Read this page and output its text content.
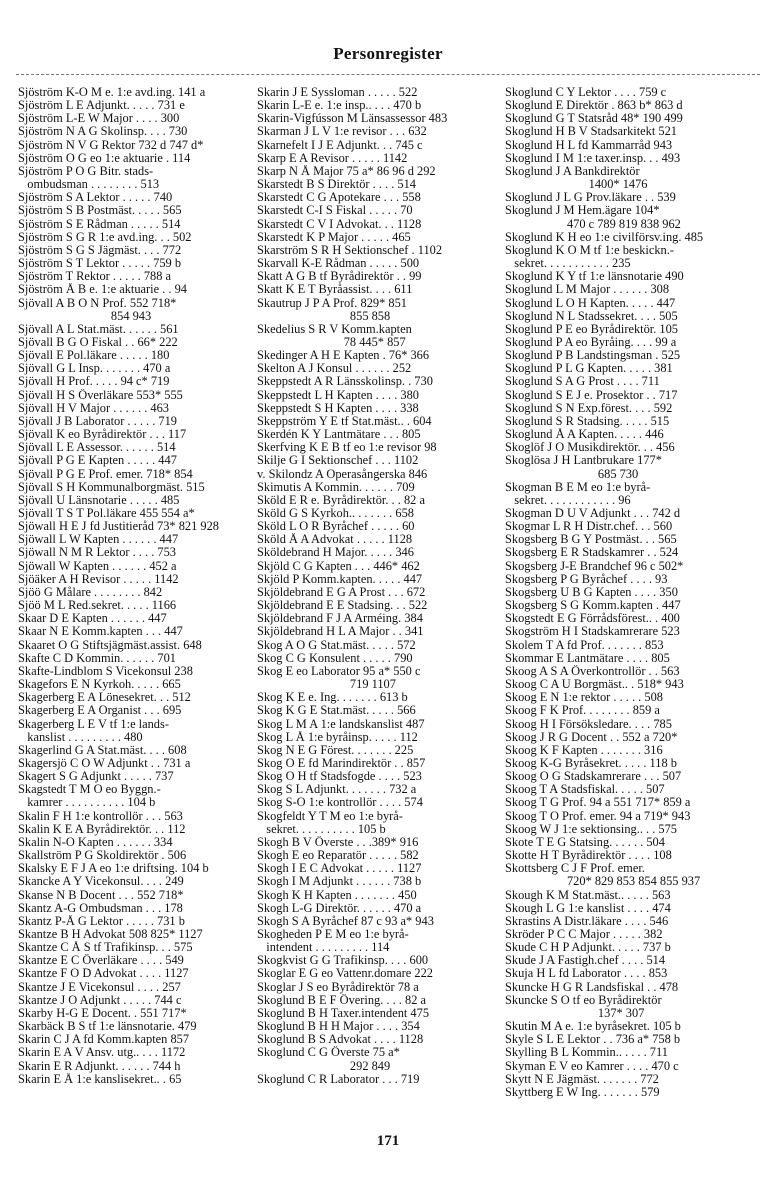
Personregister
Sjöström K-O M e. 1:e avd.ing. 141 a
Sjöström L E Adjunkt. . . . . 731 e
Sjöström L-E W Major . . . . 300
Sjöström N A G Skolinsp. . . . 730
Sjöström N V G Rektor 732 d 747 d*
Sjöström O G eo 1:e aktuarie . 114
Sjöström P O G Bitr. stads-
ombudsman . . . . . . . . 513
Sjöström S A Lektor . . . . . 740
Sjöström S B Postmäst. . . . . 565
Sjöström S E Rådman . . . . . 514
Sjöström S G R 1:e avd.ing. . . 502
Sjöström S G S Jägmäst. . . . 772
Sjöström S T Lektor . . . . . 759 b
Sjöström T Rektor . . . . . 788 a
Sjöström Å B e. 1:e aktuarie . . 94
Sjövall A B O N Prof. 552 718*
854 943
Sjövall A L Stat.mäst. . . . . . 561
Sjövall B G O Fiskal . . 66* 222
Sjövall E Pol.läkare . . . . . 180
Sjövall G L Insp. . . . . . . 470 a
Sjövall H Prof. . . . . 94 c* 719
Sjövall H S Överläkare 553* 555
Sjövall H V Major . . . . . . 463
Sjövall J B Laborator . . . . . 719
Sjövall K eo Byrådirektör . . . 117
Sjövall L E Assessor. . . . . . 514
Sjövall P G E Kapten . . . . . 447
Sjövall P G E Prof. emer. 718* 854
Sjövall S H Kommunalborgmäst. 515
Sjövall U Länsnotarie . . . . . 485
Sjövall T S T Pol.läkare 455 554 a*
Sjöwall H E J fd Justitieråd 73* 821 928
Sjöwall L W Kapten . . . . . . 447
Sjöwall N M R Lektor . . . . 753
Sjöwall W Kapten . . . . . . 452 a
Sjöäker A H Revisor . . . . . 1142
Sjöö G Målare . . . . . . . . 842
Sjöö M L Red.sekret. . . . . 1166
Skaar D E Kapten . . . . . . 447
Skaar N E Komm.kapten . . . 447
Skaaret O G Stiftsjägmäst.assist. 648
Skafte C D Kommin. . . . . . 701
Skafte-Lindblom S Vicekonsul 238
Skagefors E N Kyrkoh. . . . . 665
Skagerberg E A Lönesekret. . . 512
Skagerberg E A Organist . . . 695
Skagerberg L E V tf 1:e lands-
kanslist . . . . . . . . . 480
Skagerlind G A Stat.mäst. . . . 608
Skagersjö C O W Adjunkt . . 731 a
Skagert S G Adjunkt . . . . . 737
Skagstedt T M O eo Byggn.-
kamrer . . . . . . . . . . 104 b
Skalin F H 1:e kontrollör . . . 563
Skalin K E A Byrådirektör. . . 112
Skalin N-O Kapten . . . . . . 334
Skallström P G Skoldirektör . 506
Skalsky E F J A eo 1:e driftsing. 104 b
Skancke A Y Vicekonsul. . . . 249
Skanse N B Docent . . . 552 718*
Skantz A-G Ombudsman . . . 178
Skantz P-Å G Lektor . . . . . 731 b
Skantze B H Advokat 508 825* 1127
Skantze C Å S tf Trafikinsp. . . 575
Skantze E C Överläkare . . . . 549
Skantze F O D Advokat . . . . 1127
Skantze J E Vicekonsul . . . . 257
Skantze J O Adjunkt . . . . . 744 c
Skarby H-G E Docent. . 551 717*
Skarbäck B S tf 1:e länsnotarie. 479
Skarin C J A fd Komm.kapten 857
Skarin E A V Ansv. utg.. . . . 1172
Skarin E R Adjunkt. . . . . . 744 h
Skarin E Å 1:e kanslisekret.. . 65
Skarin J E Syssloman . . . . . 522
Skarin L-E e. 1:e insp.. . . . 470 b
Skarin-Vigfússon M Länsassessor 483
Skarman J L V 1:e revisor . . . 632
Skarnefelt I J E Adjunkt. . . 745 c
Skarp E A Revisor . . . . . 1142
Skarp N Å Major 75 a* 86 96 d 292
Skarstedt B S Direktör . . . . 514
Skarstedt C G Apotekare . . . 558
Skarstedt C-I S Fiskal . . . . . 70
Skarstedt C V I Advokat. . . 1128
Skarstedt K P Major . . . . . 465
Skarström S R H Sektionschef . 1102
Skarvall K-E Rådman . . . . . 500
Skatt A G B tf Byrådirektör . . 99
Skatt K E T Byråassist. . . . 611
Skautrup J P A Prof. 829* 851
855 858
Skedelius S R V Komm.kapten
78 445* 857
Skedinger A H E Kapten . 76* 366
Skelton A J Konsul . . . . . . 252
Skeppstedt A R Länsskolinsp. . 730
Skeppstedt L H Kapten . . . . 380
Skeppstedt S H Kapten . . . . 338
Skeppström Y E tf Stat.mäst.. . 604
Skerdén K Y Lantmätare . . . 805
Skerfving K E B tf eo 1:e revisor 98
Skilje G I Sektionschef . . . 1102
v. Skilondz A Operasångerska 846
Skimutis A Kommin. . . . . . 709
Sköld E R e. Byrådirektör. . . 82 a
Sköld G S Kyrkoh.. . . . . . . 658
Sköld L O R Byråchef . . . . . 60
Sköld Å A Advokat . . . . . 1128
Sköldebrand H Major. . . . . 346
Skjöld C G Kapten . . . 446* 462
Skjöld P Komm.kapten. . . . . 447
Skjöldebrand E G A Prost . . . 672
Skjöldebrand E E Stadsing. . . 522
Skjöldebrand F J A Arméing. 384
Skjöldebrand H L A Major . . 341
Skog A O G Stat.mäst. . . . . 572
Skog C G Konsulent . . . . . 790
Skog E eo Laborator 95 a* 550 c
719 1107
Skog K E e. Ing. . . . . . . 613 b
Skog K G E Stat.mäst. . . . . 566
Skog L M A 1:e landskanslist 487
Skog L Å 1:e byråinsp. . . . . 112
Skog N E G Förest. . . . . . . 225
Skog O E fd Marindirektör . . 857
Skog O H tf Stadsfogde . . . . 523
Skog S L Adjunkt. . . . . . . 732 a
Skog S-O 1:e kontrollör . . . . 574
Skogfeldt Y T M eo 1:e byrå-
sekret. . . . . . . . . . 105 b
Skogh B V Överste . . .389* 916
Skogh E eo Reparatör . . . . . 582
Skogh I E C Advokat . . . . . 1127
Skogh I M Adjunkt . . . . . . 738 b
Skogh K H Kapten . . . . . . . 450
Skogh L-G Direktör. . . . . . 470 a
Skogh S A Byråchef 87 c 93 a* 943
Skogheden P E M eo 1:e byrå-
intendent . . . . . . . . . 114
Skogkvist G G Trafikinsp. . . . 600
Skoglar E G eo Vattenr.domare 222
Skoglar J S eo Byrådirektör 78 a
Skoglund B E F Övering. . . . 82 a
Skoglund B H Taxer.intendent 475
Skoglund B H H Major . . . . 354
Skoglund B S Advokat . . . . 1128
Skoglund C G Överste 75 a*
292 849
Skoglund C R Laborator . . . 719
Skoglund C Y Lektor . . . . 759 c
Skoglund E Direktör . 863 b* 863 d
Skoglund G T Statsråd 48* 190 499
Skoglund H B V Stadsarkitekt 521
Skoglund H L fd Kammarråd 943
Skoglund I M 1:e taxer.insp. . . 493
Skoglund J A Bankdirektör
1400* 1476
Skoglund J L G Prov.läkare . . 539
Skoglund J M Hem.ägare 104*
470 c 789 819 838 962
Skoglund K H eo 1:e civilförsv.ing. 485
Skoglund K O M tf 1:e beskickn.-
sekret. . . . . . . . . . . 235
Skoglund K Y tf 1:e länsnotarie 490
Skoglund L M Major . . . . . . 308
Skoglund L O H Kapten. . . . . 447
Skoglund N L Stadssekret. . . . 505
Skoglund P E eo Byrådirektör. 105
Skoglund P A eo Byråing. . . . 99 a
Skoglund P B Landstingsman . 525
Skoglund P L G Kapten. . . . . 381
Skoglund S A G Prost . . . . 711
Skoglund S E J e. Prosektor . . 717
Skoglund S N Exp.förest. . . . 592
Skoglund S R Stadsing. . . . . 515
Skoglund Å A Kapten. . . . . 446
Skoglöf J O Musikdirektör. . . 456
Skoglösa J H Lantbrukare 177*
685 730
Skogman B E M eo 1:e byrå-
sekret. . . . . . . . . . . . 96
Skogman D U V Adjunkt . . . 742 d
Skogmar L R H Distr.chef. . . 560
Skogsberg B G Y Postmäst. . . 565
Skogsberg E R Stadskamrer . . 524
Skogsberg J-E Brandchef 96 c 502*
Skogsberg P G Byråchef . . . . 93
Skogsberg U B G Kapten . . . . 350
Skogsberg S G Komm.kapten . 447
Skogstedt E G Förrådsförest.. . 400
Skogström H I Stadskamrerare 523
Skolem T A fd Prof. . . . . . . 853
Skommar E Lantmätare . . . . 805
Skoog A S A Överkontrollör . . 563
Skoog C A U Borgmäst.. . 518* 943
Skoog E N 1:e rektor . . . . . 508
Skoog F K Prof. . . . . . . . 859 a
Skoog H I Försöksledare. . . . 785
Skoog J R G Docent . . 552 a 720*
Skoog K F Kapten . . . . . . . 316
Skoog K-G Byråsekret. . . . . 118 b
Skoog O G Stadskamrerare . . . 507
Skoog T A Stadsfiskal. . . . . 507
Skoog T G Prof. 94 a 551 717* 859 a
Skoog T O Prof. emer. 94 a 719* 943
Skoog W J 1:e sektionsing.. . . 575
Skote T E G Statsing. . . . . . 504
Skotte H T Byrådirektör . . . . 108
Skottsberg C J F Prof. emer.
720* 829 853 854 855 937
Skough K M Stat.mäst.. . . . . 563
Skough L G 1:e kanslist . . . . 474
Skrastins A Distr.läkare . . . . 546
Skröder P C C Major . . . . . 382
Skude C H P Adjunkt. . . . . 737 b
Skude J A Fastigh.chef . . . . 514
Skuja H L fd Laborator . . . . 853
Skuncke H G R Landsfiskal . . 478
Skuncke S O tf eo Byrådirektör
137* 307
Skutin M A e. 1:e byråsekret. 105 b
Skyle S L E Lektor . . 736 a* 758 b
Skylling B L Kommin.. . . . . 711
Skyman E V eo Kamrer . . . . 470 c
Skytt N E Jägmäst. . . . . . . 772
Skyttberg E W Ing. . . . . . . 579
171
